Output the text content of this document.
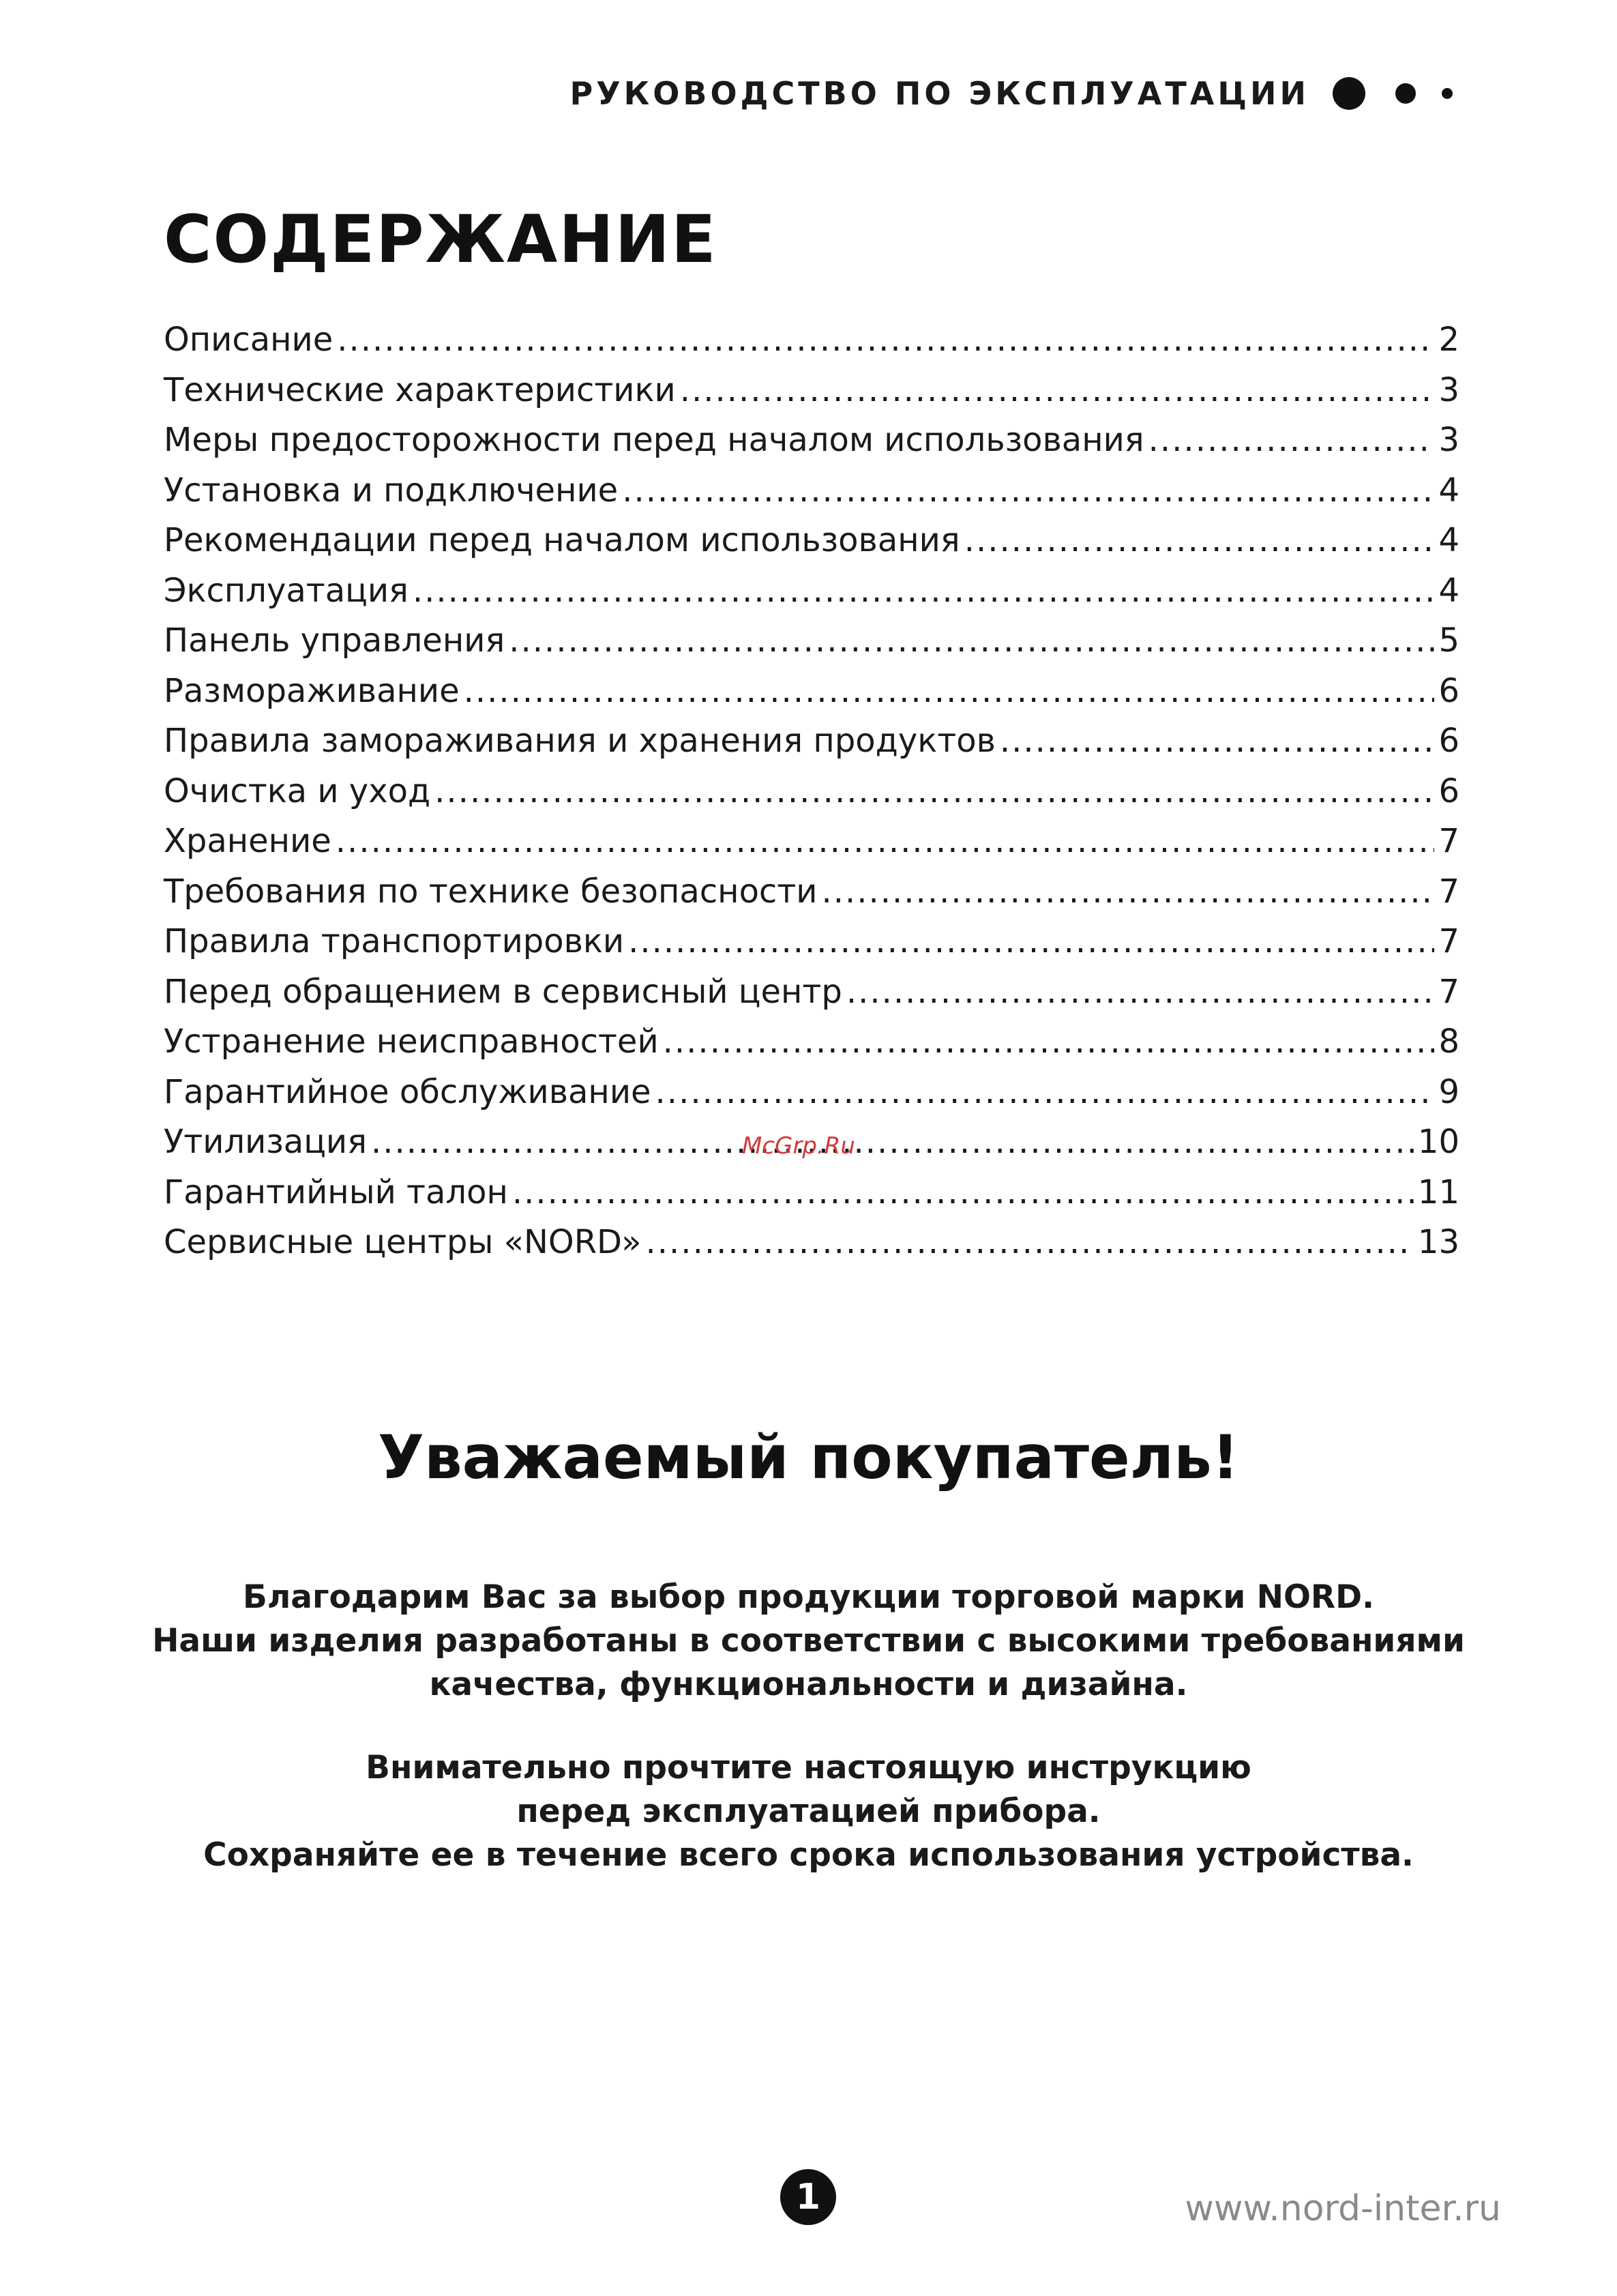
РУКОВОДСТВО ПО ЭКСПЛУАТАЦИИ
СОДЕРЖАНИЕ
Описание .....	2
Технические характеристики .....	3
Меры предосторожности перед началом использования .....	3
Установка и подключение .....	4
Рекомендации перед началом использования .....	4
Эксплуатация .....	4
Панель управления .....	5
Размораживание .....	6
Правила замораживания и хранения продуктов .....	6
Очистка и уход .....	6
Хранение .....	7
Требования по технике безопасности .....	7
Правила транспортировки .....	7
Перед обращением в сервисный центр .....	7
Устранение неисправностей .....	8
Гарантийное обслуживание .....	9
Утилизация .....	10
Гарантийный талон .....	11
Сервисные центры «NORD» .....	13
McGrp.Ru
Уважаемый покупатель!

Благодарим Вас за выбор продукции торговой марки NORD.
Наши изделия разработаны в соответствии с высокими требованиями
качества, функциональности и дизайна.

Внимательно прочтите настоящую инструкцию
перед эксплуатацией прибора.
Сохраняйте ее в течение всего срока использования устройства.

1	www.nord-inter.ru
